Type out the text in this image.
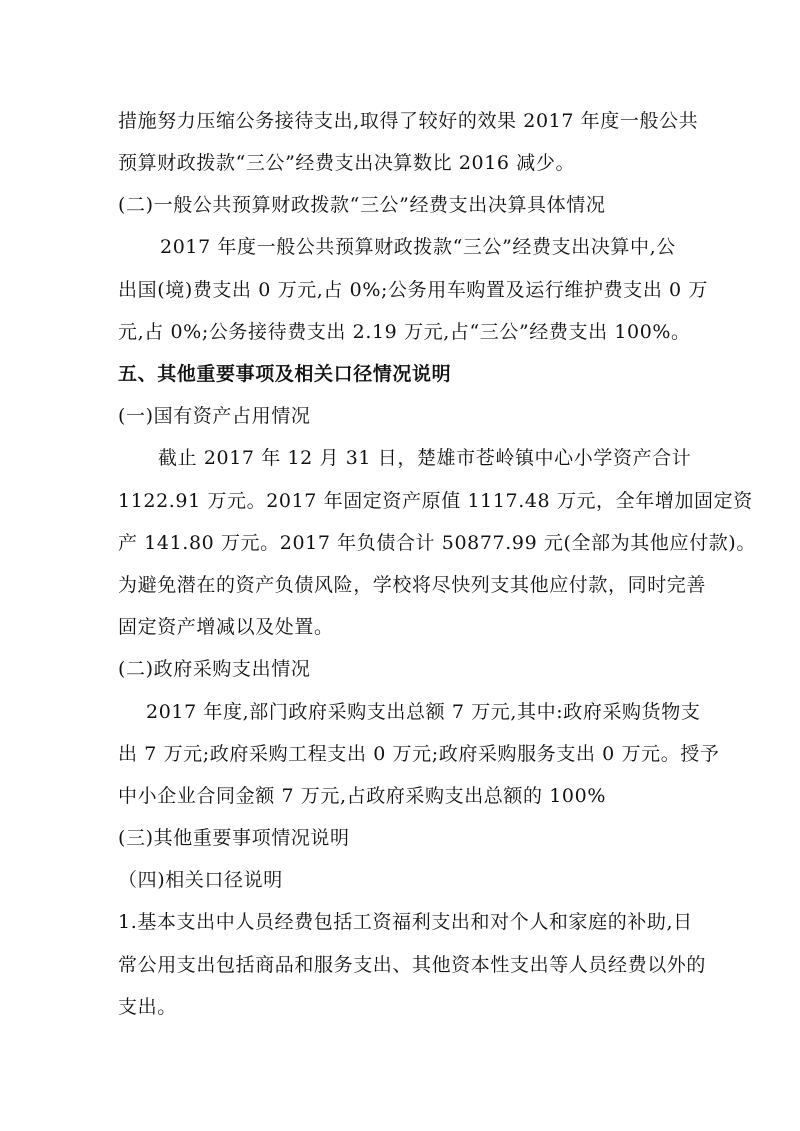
措施努力压缩公务接待支出,取得了较好的效果 2017 年度一般公共
预算财政拨款“三公”经费支出决算数比 2016 减少。
(二)一般公共预算财政拨款“三公”经费支出决算具体情况
2017 年度一般公共预算财政拨款“三公”经费支出决算中,公
出国(境)费支出 0 万元,占 0%;公务用车购置及运行维护费支出 0 万
元,占 0%;公务接待费支出 2.19 万元,占“三公”经费支出 100%。
五、其他重要事项及相关口径情况说明
(一)国有资产占用情况
截止 2017 年 12 月 31 日，楚雄市苍岭镇中心小学资产合计
1122.91 万元。2017 年固定资产原值 1117.48 万元，全年增加固定资
产 141.80 万元。2017 年负债合计 50877.99 元(全部为其他应付款)。
为避免潜在的资产负债风险，学校将尽快列支其他应付款，同时完善
固定资产增减以及处置。
(二)政府采购支出情况
2017 年度,部门政府采购支出总额 7 万元,其中:政府采购货物支
出 7 万元;政府采购工程支出 0 万元;政府采购服务支出 0 万元。授予
中小企业合同金额 7 万元,占政府采购支出总额的 100%
(三)其他重要事项情况说明
（四)相关口径说明
1.基本支出中人员经费包括工资福利支出和对个人和家庭的补助,日
常公用支出包括商品和服务支出、其他资本性支出等人员经费以外的
支出。
